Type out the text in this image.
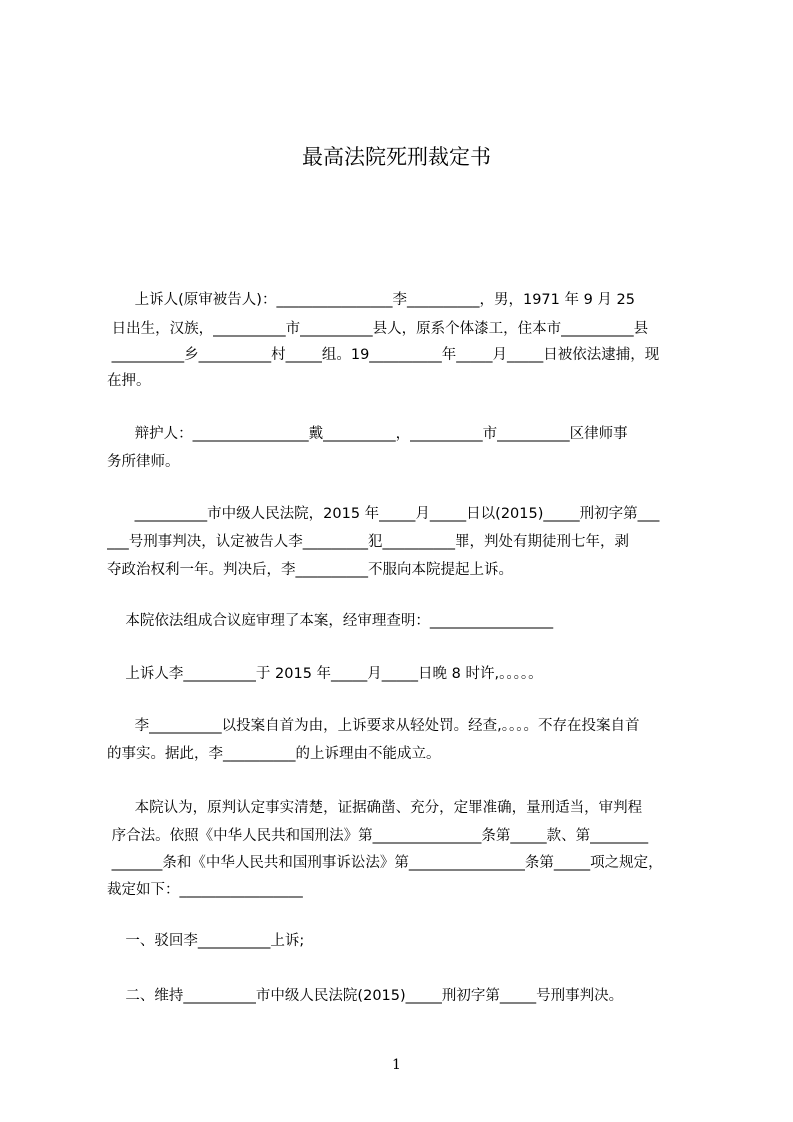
最高法院死刑裁定书
上诉人(原审被告人)：________________李__________，男，1971 年 9 月 25
日出生，汉族，__________市__________县人，原系个体漆工，住本市__________县
__________乡__________村_____组。19__________年_____月_____日被依法逮捕，现
在押。
辩护人：________________戴__________，__________市__________区律师事
务所律师。
__________市中级人民法院，2015 年_____月_____日以(2015)_____刑初字第___
___号刑事判决，认定被告人李_________犯__________罪，判处有期徒刑七年，剥
夺政治权利一年。判决后，李__________不服向本院提起上诉。
本院依法组成合议庭审理了本案，经审理查明：_________________
上诉人李__________于 2015 年_____月_____日晚 8 时许,。。。。。
李__________以投案自首为由，上诉要求从轻处罚。经查,。。。。不存在投案自首
的事实。据此，李__________的上诉理由不能成立。
本院认为，原判认定事实清楚，证据确凿、充分，定罪准确，量刑适当，审判程
序合法。依照《中华人民共和国刑法》第_______________条第_____款、第________
_______条和《中华人民共和国刑事诉讼法》第________________条第_____项之规定，
裁定如下：_________________
一、驳回李__________上诉;
二、维持__________市中级人民法院(2015)_____刑初字第_____号刑事判决。
1
